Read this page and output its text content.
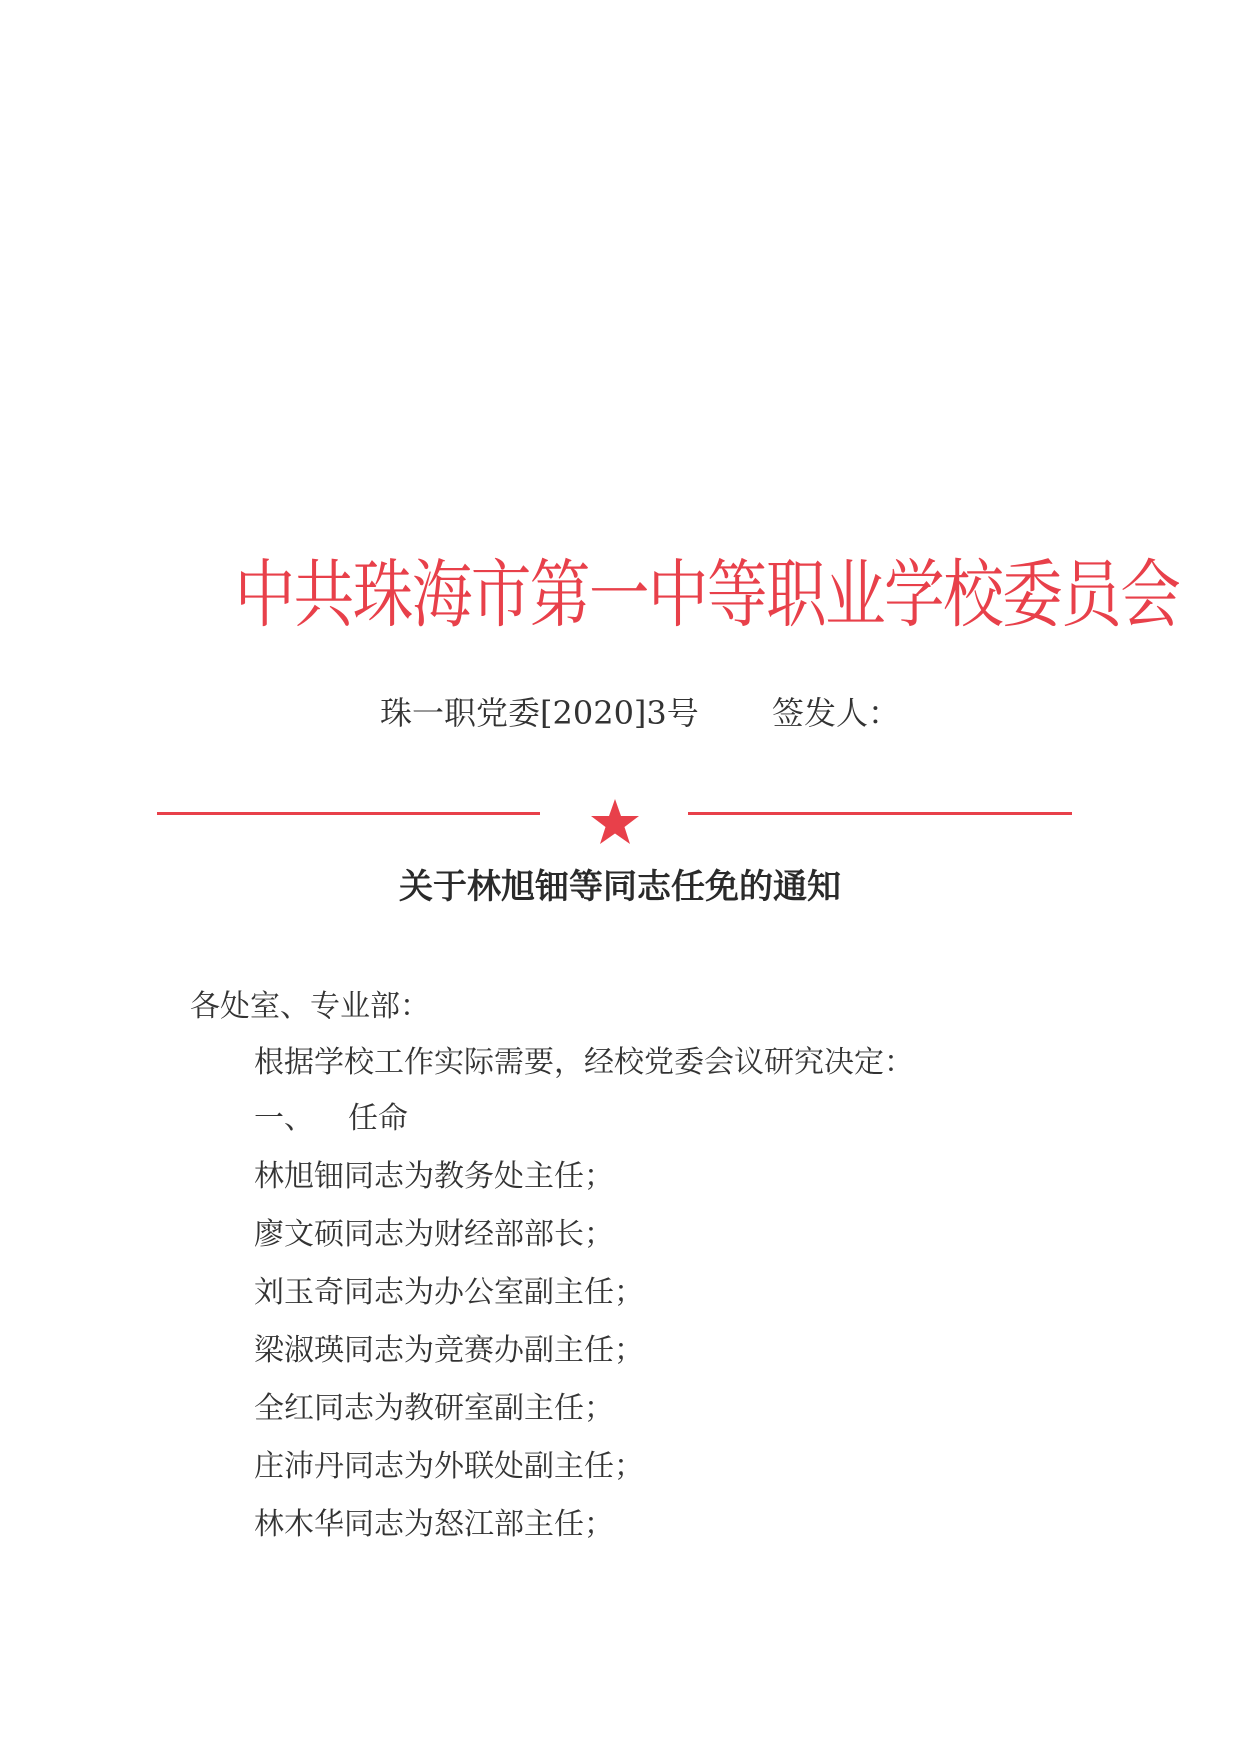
中共珠海市第一中等职业学校委员会
珠一职党委[2020]3号 签发人：
关于林旭钿等同志任免的通知
各处室、专业部：
根据学校工作实际需要，经校党委会议研究决定：
一、 任命
林旭钿同志为教务处主任；
廖文硕同志为财经部部长；
刘玉奇同志为办公室副主任；
梁淑瑛同志为竞赛办副主任；
全红同志为教研室副主任；
庄沛丹同志为外联处副主任；
林木华同志为怒江部主任；
